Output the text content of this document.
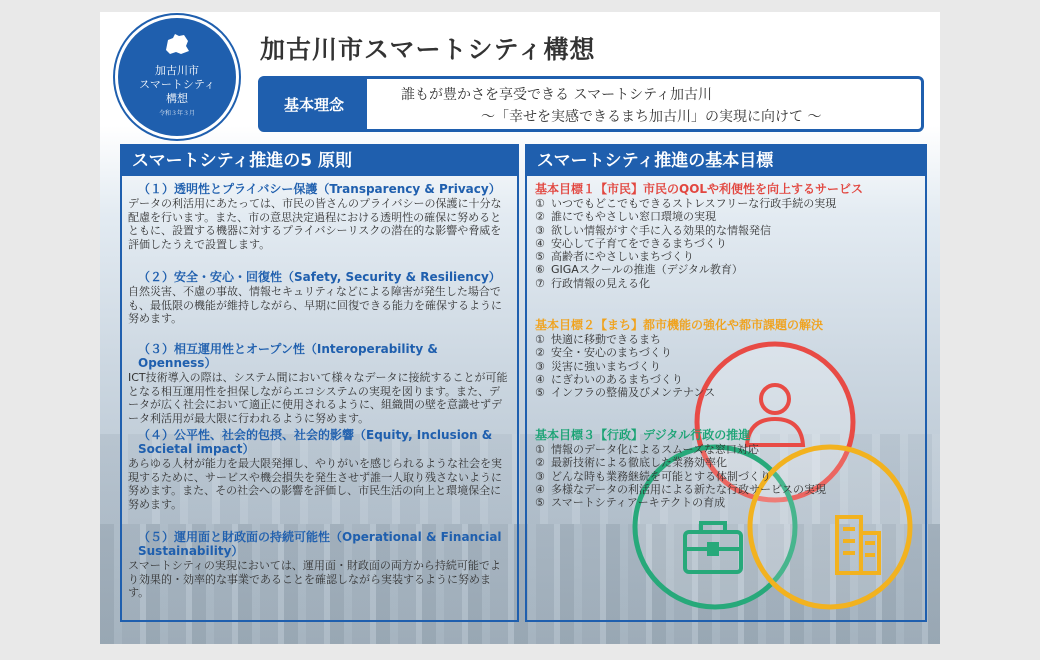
加古川市
スマートシティ
構想
令和３年３月
加古川市スマートシティ構想
基本理念
誰もが豊かさを享受できる スマートシティ加古川
～「幸せを実感できるまち加古川」の実現に向けて ～
スマートシティ推進の5 原則
（１）透明性とプライバシー保護（Transparency & Privacy）
データの利活用にあたっては、市民の皆さんのプライバシーの保護に十分な配慮を行います。また、市の意思決定過程における透明性の確保に努めるとともに、設置する機器に対するプライバシーリスクの潜在的な影響や脅威を評価したうえで設置します。
（２）安全・安心・回復性（Safety, Security & Resiliency）
自然災害、不慮の事故、情報セキュリティなどによる障害が発生した場合でも、最低限の機能が維持しながら、早期に回復できる能力を確保するように努めます。
（３）相互運用性とオープン性（Interoperability & Openness）
ICT技術導入の際は、システム間において様々なデータに接続することが可能となる相互運用性を担保しながらエコシステムの実現を図ります。また、データが広く社会において適正に使用されるように、組織間の壁を意識せずデータ利活用が最大限に行われるように努めます。
（４）公平性、社会的包摂、社会的影響（Equity, Inclusion & Societal impact）
あらゆる人材が能力を最大限発揮し、やりがいを感じられるような社会を実現するために、サービスや機会損失を発生させず誰一人取り残さないように努めます。また、その社会への影響を評価し、市民生活の向上と環境保全に努めます。
（５）運用面と財政面の持続可能性（Operational & Financial Sustainability）
スマートシティの実現においては、運用面・財政面の両方から持続可能でより効果的・効率的な事業であることを確認しながら実装するように努めます。
スマートシティ推進の基本目標
基本目標１【市民】市民のQOLや利便性を向上するサービス
① いつでもどこでもできるストレスフリーな行政手続の実現
② 誰にでもやさしい窓口環境の実現
③ 欲しい情報がすぐ手に入る効果的な情報発信
④ 安心して子育てをできるまちづくり
⑤ 高齢者にやさしいまちづくり
⑥ GIGAスクールの推進（デジタル教育）
⑦ 行政情報の見える化
基本目標２【まち】都市機能の強化や都市課題の解決
① 快適に移動できるまち
② 安全・安心のまちづくり
③ 災害に強いまちづくり
④ にぎわいのあるまちづくり
⑤ インフラの整備及びメンテナンス
基本目標３【行政】デジタル行政の推進
① 情報のデータ化によるスムーズな窓口対応
② 最新技術による徹底した業務効率化
③ どんな時も業務継続を可能とする体制づくり
④ 多様なデータの利活用による新たな行政サービスの実現
⑤ スマートシティアーキテクトの育成
